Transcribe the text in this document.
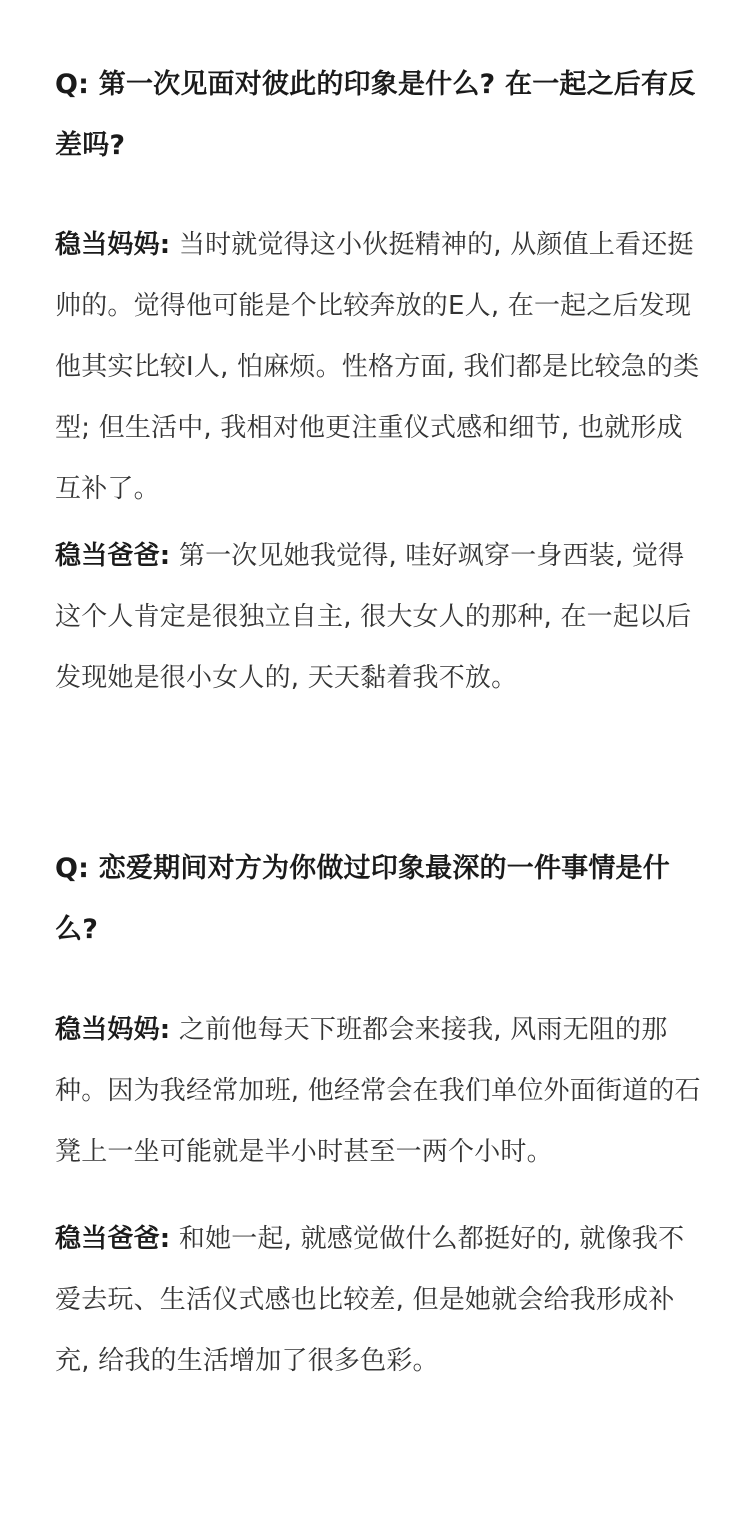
Q: 第一次见面对彼此的印象是什么? 在一起之后有反差吗?

稳当妈妈: 当时就觉得这小伙挺精神的, 从颜值上看还挺帅的。觉得他可能是个比较奔放的E人, 在一起之后发现他其实比较I人, 怕麻烦。性格方面, 我们都是比较急的类型; 但生活中, 我相对他更注重仪式感和细节, 也就形成互补了。

稳当爸爸: 第一次见她我觉得, 哇好飒穿一身西装, 觉得这个人肯定是很独立自主, 很大女人的那种, 在一起以后发现她是很小女人的, 天天黏着我不放。

Q: 恋爱期间对方为你做过印象最深的一件事情是什么?

稳当妈妈: 之前他每天下班都会来接我, 风雨无阻的那种。因为我经常加班, 他经常会在我们单位外面街道的石凳上一坐可能就是半小时甚至一两个小时。

稳当爸爸: 和她一起, 就感觉做什么都挺好的, 就像我不爱去玩、生活仪式感也比较差, 但是她就会给我形成补充, 给我的生活增加了很多色彩。
